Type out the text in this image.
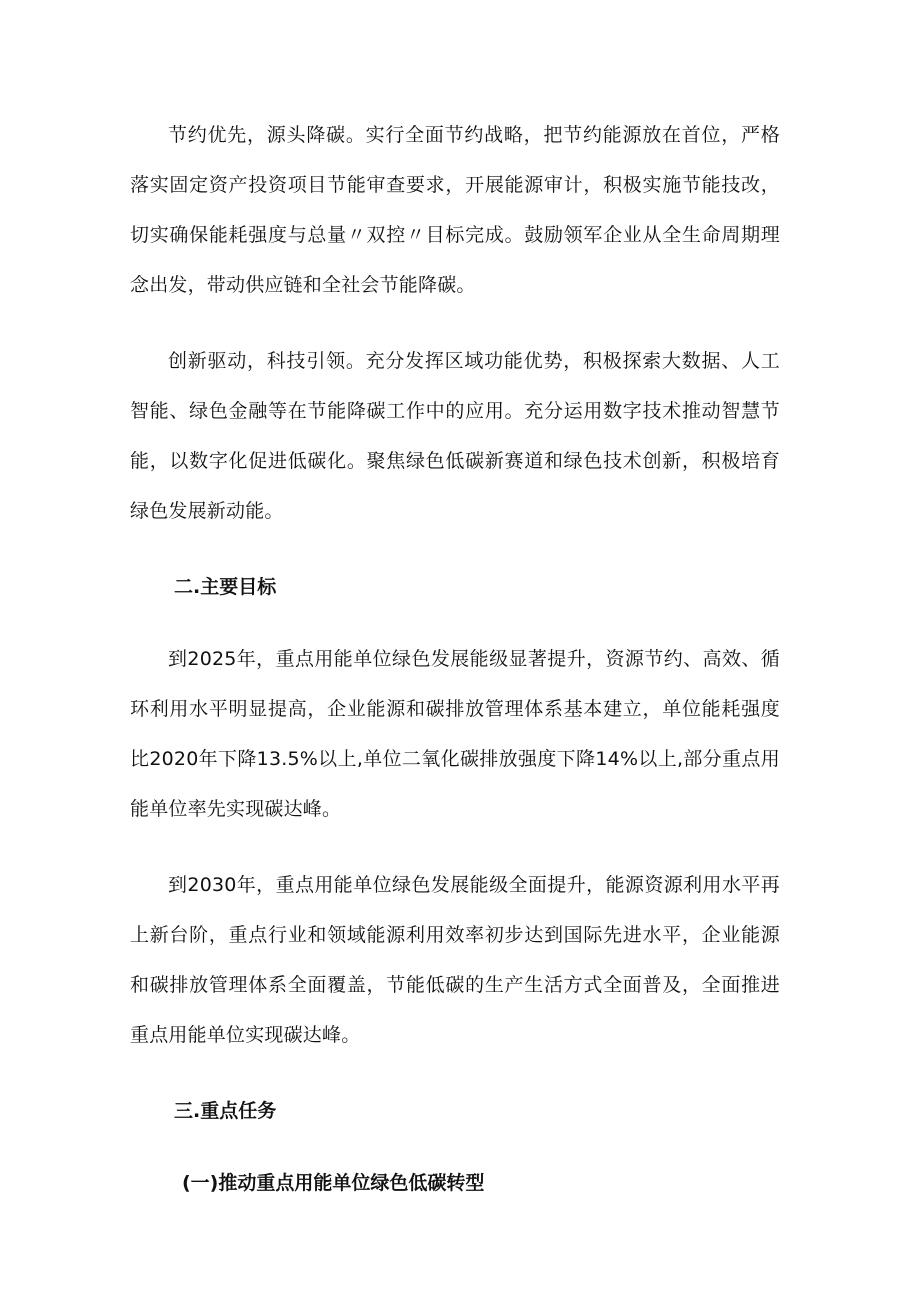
节约优先，源头降碳。实行全面节约战略，把节约能源放在首位，严格落实固定资产投资项目节能审查要求，开展能源审计，积极实施节能技改，切实确保能耗强度与总量〃双控〃目标完成。鼓励领军企业从全生命周期理念出发，带动供应链和全社会节能降碳。

创新驱动，科技引领。充分发挥区域功能优势，积极探索大数据、人工智能、绿色金融等在节能降碳工作中的应用。充分运用数字技术推动智慧节能，以数字化促进低碳化。聚焦绿色低碳新赛道和绿色技术创新，积极培育绿色发展新动能。

二.主要目标

到2025年，重点用能单位绿色发展能级显著提升，资源节约、高效、循环利用水平明显提高，企业能源和碳排放管理体系基本建立，单位能耗强度比2020年下降13.5%以上,单位二氧化碳排放强度下降14%以上,部分重点用能单位率先实现碳达峰。

到2030年，重点用能单位绿色发展能级全面提升，能源资源利用水平再上新台阶，重点行业和领域能源利用效率初步达到国际先进水平，企业能源和碳排放管理体系全面覆盖，节能低碳的生产生活方式全面普及，全面推进重点用能单位实现碳达峰。

三.重点任务

(一)推动重点用能单位绿色低碳转型
